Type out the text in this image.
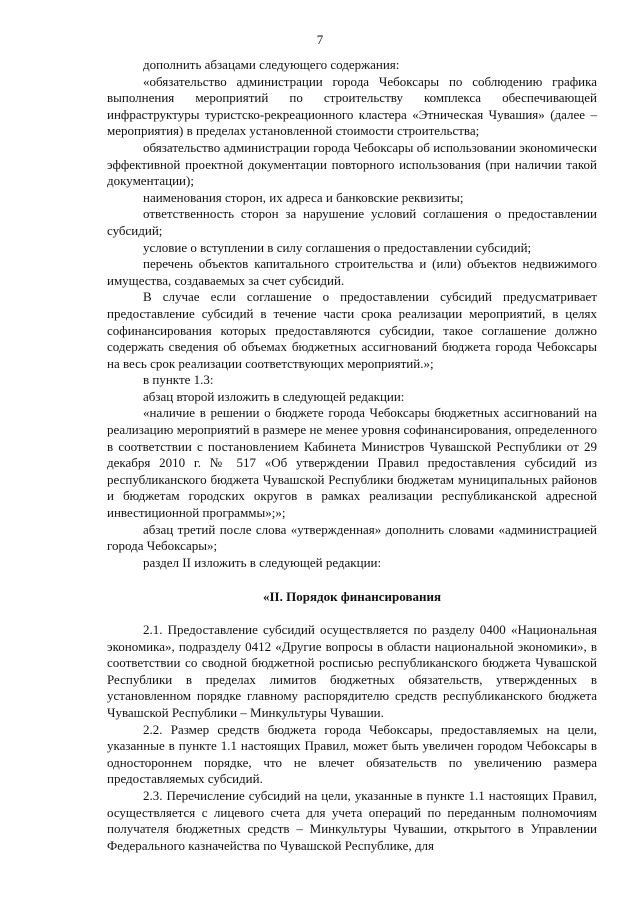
7

дополнить абзацами следующего содержания:

«обязательство администрации города Чебоксары по соблюдению графика выполнения мероприятий по строительству комплекса обеспечивающей инфраструктуры туристско-рекреационного кластера «Этническая Чувашия» (далее – мероприятия) в пределах установленной стоимости строительства;

обязательство администрации города Чебоксары об использовании экономически эффективной проектной документации повторного использования (при наличии такой документации);

наименования сторон, их адреса и банковские реквизиты;

ответственность сторон за нарушение условий соглашения о предоставлении субсидий;

условие о вступлении в силу соглашения о предоставлении субсидий;

перечень объектов капитального строительства и (или) объектов недвижимого имущества, создаваемых за счет субсидий.

В случае если соглашение о предоставлении субсидий предусматривает предоставление субсидий в течение части срока реализации мероприятий, в целях софинансирования которых предоставляются субсидии, такое соглашение должно содержать сведения об объемах бюджетных ассигнований бюджета города Чебоксары на весь срок реализации соответствующих мероприятий.»;

в пункте 1.3:

абзац второй изложить в следующей редакции:

«наличие в решении о бюджете города Чебоксары бюджетных ассигнований на реализацию мероприятий в размере не менее уровня софинансирования, определенного в соответствии с постановлением Кабинета Министров Чувашской Республики от 29 декабря 2010 г. № 517 «Об утверждении Правил предоставления субсидий из республиканского бюджета Чувашской Республики бюджетам муниципальных районов и бюджетам городских округов в рамках реализации республиканской адресной инвестиционной программы»;»;

абзац третий после слова «утвержденная» дополнить словами «администрацией города Чебоксары»;

раздел II изложить в следующей редакции:

«II. Порядок финансирования

2.1. Предоставление субсидий осуществляется по разделу 0400 «Национальная экономика», подразделу 0412 «Другие вопросы в области национальной экономики», в соответствии со сводной бюджетной росписью республиканского бюджета Чувашской Республики в пределах лимитов бюджетных обязательств, утвержденных в установленном порядке главному распорядителю средств республиканского бюджета Чувашской Республики – Минкультуры Чувашии.

2.2. Размер средств бюджета города Чебоксары, предоставляемых на цели, указанные в пункте 1.1 настоящих Правил, может быть увеличен городом Чебоксары в одностороннем порядке, что не влечет обязательств по увеличению размера предоставляемых субсидий.

2.3. Перечисление субсидий на цели, указанные в пункте 1.1 настоящих Правил, осуществляется с лицевого счета для учета операций по переданным полномочиям получателя бюджетных средств – Минкультуры Чувашии, открытого в Управлении Федерального казначейства по Чувашской Республике, для
